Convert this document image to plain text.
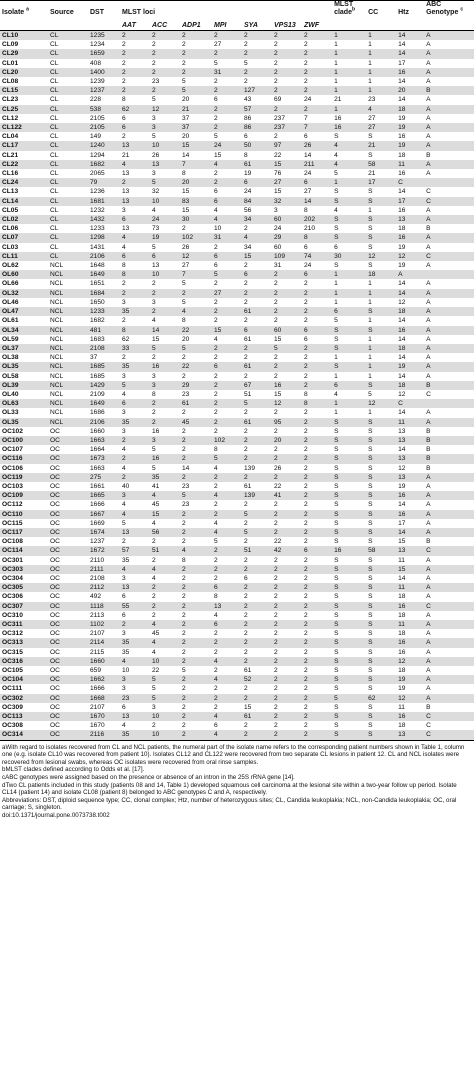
Isolate $^a$	Source	DST	MLST loci							MLST clade$^b$	CC	Htz	ABC Genotype $^c$
			AAT	ACC	ADP1	MPI	SYA	VPS13	ZWF				
CL10	CL	1235	2	2	2	2	2	2	2	1	1	14	A
CL09	CL	1234	2	2	2	27	2	2	2	1	1	14	A
CL29	CL	1659	2	2	2	2	2	2	2	1	1	14	A
CL01	CL	408	2	2	2	5	5	2	2	1	1	17	A
CL20	CL	1400	2	2	2	31	2	2	2	1	1	16	A
CL08	CL	1239	2	23	5	2	2	2	2	1	1	14	A
CL15	CL	1237	2	2	5	2	127	2	2	1	1	20	B
CL23	CL	228	8	5	20	6	43	69	24	21	23	14	A
CL25	CL	538	62	12	21	2	57	2	2	1	4	18	A
CL12	CL	2105	6	3	37	2	86	237	7	16	27	19	A
CL122	CL	2105	6	3	37	2	86	237	7	16	27	19	A
CL04	CL	149	2	5	20	5	6	2	6	S	S	16	A
CL17	CL	1240	13	10	15	24	50	97	26	4	21	19	A
CL21	CL	1294	21	26	14	15	8	22	14	4	S	18	B
CL22	CL	1682	4	13	7	4	61	15	211	4	58	11	A
CL16	CL	2065	13	3	8	2	19	76	24	5	21	16	A
CL24	CL	79	2	5	20	2	6	27	6	1	17	C	
CL13	CL	1236	13	32	15	6	24	15	27	S	S	14	C
CL14	CL	1681	13	10	83	6	84	32	14	S	S	17	C
CL05	CL	1232	3	4	15	4	56	3	8	4	1	16	A
CL02	CL	1432	6	24	30	4	34	60	202	S	S	13	A
CL06	CL	1233	13	73	2	10	2	24	210	S	S	18	B
CL07	CL	1298	4	19	102	31	4	29	8	S	S	16	A
CL03	CL	1431	4	5	26	2	34	60	6	6	S	19	A
CL11	CL	2106	6	6	12	6	15	109	74	30	12	12	C
OL62	NCL	1648	8	13	27	6	2	31	24	S	S	19	A
OL60	NCL	1649	8	10	7	5	6	2	6	1	18	A	
OL66	NCL	1651	2	2	5	2	2	2	2	1	1	14	A
OL32	NCL	1684	2	2	2	27	2	2	2	1	1	14	A
OL46	NCL	1650	3	3	5	2	2	2	2	1	1	12	A
OL47	NCL	1233	35	2	4	2	61	2	2	6	S	18	A
OL61	NCL	1682	2	4	8	2	2	2	2	5	1	14	A
OL34	NCL	481	8	14	22	15	6	60	6	S	S	16	A
OL59	NCL	1683	62	15	20	4	61	15	6	S	1	14	A
OL37	NCL	2108	33	5	5	2	2	5	2	S	1	18	A
OL38	NCL	37	2	2	2	2	2	2	2	1	1	14	A
OL35	NCL	1685	35	16	22	6	61	2	2	S	1	19	A
OL58	NCL	1685	3	3	2	2	2	2	2	1	1	14	A
OL39	NCL	1429	5	3	29	2	67	16	2	6	S	18	B
OL40	NCL	2109	4	8	23	2	51	15	8	4	5	12	C
OL63	NCL	1649	6	2	61	2	5	12	8	1	12	C	
OL33	NCL	1686	3	2	2	2	2	2	2	1	1	14	A
OL35	NCL	2106	35	2	45	2	61	95	2	S	S	11	A
OC102	OC	1660	3	16	2	2	2	2	2	S	S	13	B
OC100	OC	1663	2	3	2	102	2	20	2	S	S	13	B
OC107	OC	1664	4	5	2	8	2	2	2	S	S	14	B
OC116	OC	1673	2	16	2	5	2	2	2	S	S	13	B
OC106	OC	1663	4	5	14	4	139	26	2	S	S	12	B
OC119	OC	275	2	35	2	2	2	2	2	S	S	13	A
OC103	OC	1661	40	41	23	2	61	22	2	S	S	19	A
OC109	OC	1665	3	4	5	4	139	41	2	S	S	16	A
OC112	OC	1666	4	45	23	2	2	2	2	S	S	14	A
OC110	OC	1667	4	15	2	2	5	2	2	S	S	16	A
OC115	OC	1669	5	4	2	4	2	2	2	S	S	17	A
OC117	OC	1674	13	56	2	4	5	2	2	S	S	14	A
OC108	OC	1237	2	2	2	5	2	22	2	S	S	15	B
OC114	OC	1672	57	51	4	2	51	42	6	16	58	13	C
OC301	OC	2110	35	2	8	2	2	2	2	S	S	11	A
OC303	OC	2111	4	4	2	2	2	2	2	S	S	15	A
OC304	OC	2108	3	4	2	2	6	2	2	S	S	14	A
OC305	OC	2112	13	2	2	6	2	2	2	S	S	11	A
OC306	OC	492	6	2	2	8	2	2	2	S	S	18	A
OC307	OC	1118	55	2	2	13	2	2	2	S	S	16	C
OC310	OC	2113	6	2	2	4	2	2	2	S	S	18	A
OC311	OC	1102	2	4	2	6	2	2	2	S	S	11	A
OC312	OC	2107	3	45	2	2	2	2	2	S	S	18	A
OC313	OC	2114	35	4	2	2	2	2	2	S	S	16	A
OC315	OC	2115	35	4	2	2	2	2	2	S	S	16	A
OC316	OC	1660	4	10	2	4	2	2	2	S	S	12	A
OC105	OC	659	10	22	5	2	61	2	2	S	S	18	A
OC104	OC	1662	3	5	2	4	52	2	2	S	S	19	A
OC111	OC	1666	3	5	2	2	2	2	2	S	S	19	A
OC302	OC	1668	23	5	2	2	2	2	2	5	62	12	A
OC309	OC	2107	6	3	2	2	15	2	2	S	S	11	B
OC113	OC	1670	13	10	2	4	61	2	2	S	S	16	C
OC308	OC	1670	4	2	2	6	2	2	2	S	S	18	C
OC314	OC	2116	35	10	2	4	2	2	2	S	S	13	C

aWith regard to isolates recovered from CL and NCL patients, the numeral part of the isolate name refers to the corresponding patient numbers shown in Table 1, column one (e.g. isolate CL10 was recovered from patient 10). Isolates CL12 and CL122 were recovered from two separate CL lesions in patient 12. CL and NCL isolates were recovered from lesional swabs, whereas OC isolates were recovered from oral rinse samples.

bMLST clades defined according to Odds et al. [17].

cABC genotypes were assigned based on the presence or absence of an intron in the 25S rRNA gene [14].

dTwo CL patients included in this study (patients 08 and 14, Table 1) developed squamous cell carcinoma at the lesional site within a two-year follow up period. Isolate CL14 (patient 14) and isolate CL08 (patient 8) belonged to ABC genotypes C and A, respectively.

Abbreviations: DST, diploid sequence type; CC, clonal complex; Htz, number of heterozygous sites; CL, Candida leukoplakia; NCL, non-Candida leukoplakia; OC, oral carriage; S, singleton.

doi:10.1371/journal.pone.0073738.t002
